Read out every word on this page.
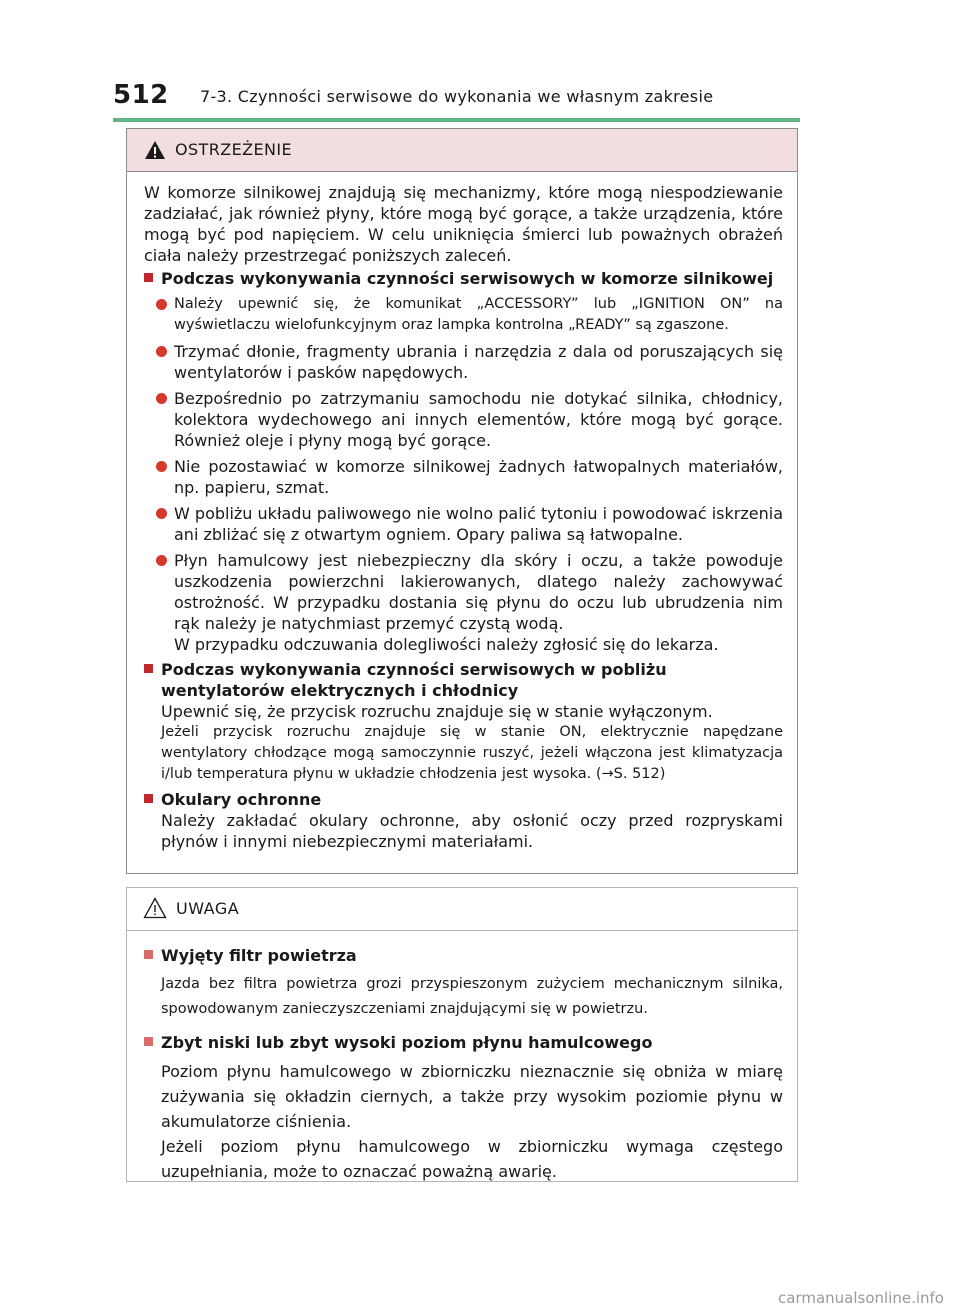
512 7-3. Czynności serwisowe do wykonania we własnym zakresie
OSTRZEŻENIE

W komorze silnikowej znajdują się mechanizmy, które mogą niespodziewanie zadziałać, jak również płyny, które mogą być gorące, a także urządzenia, które mogą być pod napięciem. W celu uniknięcia śmierci lub poważnych obrażeń ciała należy przestrzegać poniższych zaleceń.

Podczas wykonywania czynności serwisowych w komorze silnikowej
Należy upewnić się, że komunikat „ACCESSORY” lub „IGNITION ON” na wyświetlaczu wielofunkcyjnym oraz lampka kontrolna „READY” są zgaszone.
Trzymać dłonie, fragmenty ubrania i narzędzia z dala od poruszających się wentylatorów i pasków napędowych.
Bezpośrednio po zatrzymaniu samochodu nie dotykać silnika, chłodnicy, kolektora wydechowego ani innych elementów, które mogą być gorące. Również oleje i płyny mogą być gorące.
Nie pozostawiać w komorze silnikowej żadnych łatwopalnych materiałów, np. papieru, szmat.
W pobliżu układu paliwowego nie wolno palić tytoniu i powodować iskrzenia ani zbliżać się z otwartym ogniem. Opary paliwa są łatwopalne.
Płyn hamulcowy jest niebezpieczny dla skóry i oczu, a także powoduje uszkodzenia powierzchni lakierowanych, dlatego należy zachowywać ostrożność. W przypadku dostania się płynu do oczu lub ubrudzenia nim rąk należy je natychmiast przemyć czystą wodą.
W przypadku odczuwania dolegliwości należy zgłosić się do lekarza.
Podczas wykonywania czynności serwisowych w pobliżu wentylatorów elektrycznych i chłodnicy

Upewnić się, że przycisk rozruchu znajduje się w stanie wyłączonym.

Jeżeli przycisk rozruchu znajduje się w stanie ON, elektrycznie napędzane wentylatory chłodzące mogą samoczynnie ruszyć, jeżeli włączona jest klimatyzacja i/lub temperatura płynu w układzie chłodzenia jest wysoka. (→S. 512)

Okulary ochronne

Należy zakładać okulary ochronne, aby osłonić oczy przed rozpryskami płynów i innymi niebezpiecznymi materiałami.

UWAGA
Wyjęty filtr powietrza

Jazda bez filtra powietrza grozi przyspieszonym zużyciem mechanicznym silnika, spowodowanym zanieczyszczeniami znajdującymi się w powietrzu.

Zbyt niski lub zbyt wysoki poziom płynu hamulcowego

Poziom płynu hamulcowego w zbiorniczku nieznacznie się obniża w miarę zużywania się okładzin ciernych, a także przy wysokim poziomie płynu w akumulatorze ciśnienia.

Jeżeli poziom płynu hamulcowego w zbiorniczku wymaga częstego uzupełniania, może to oznaczać poważną awarię.

carmanualsonline.info
